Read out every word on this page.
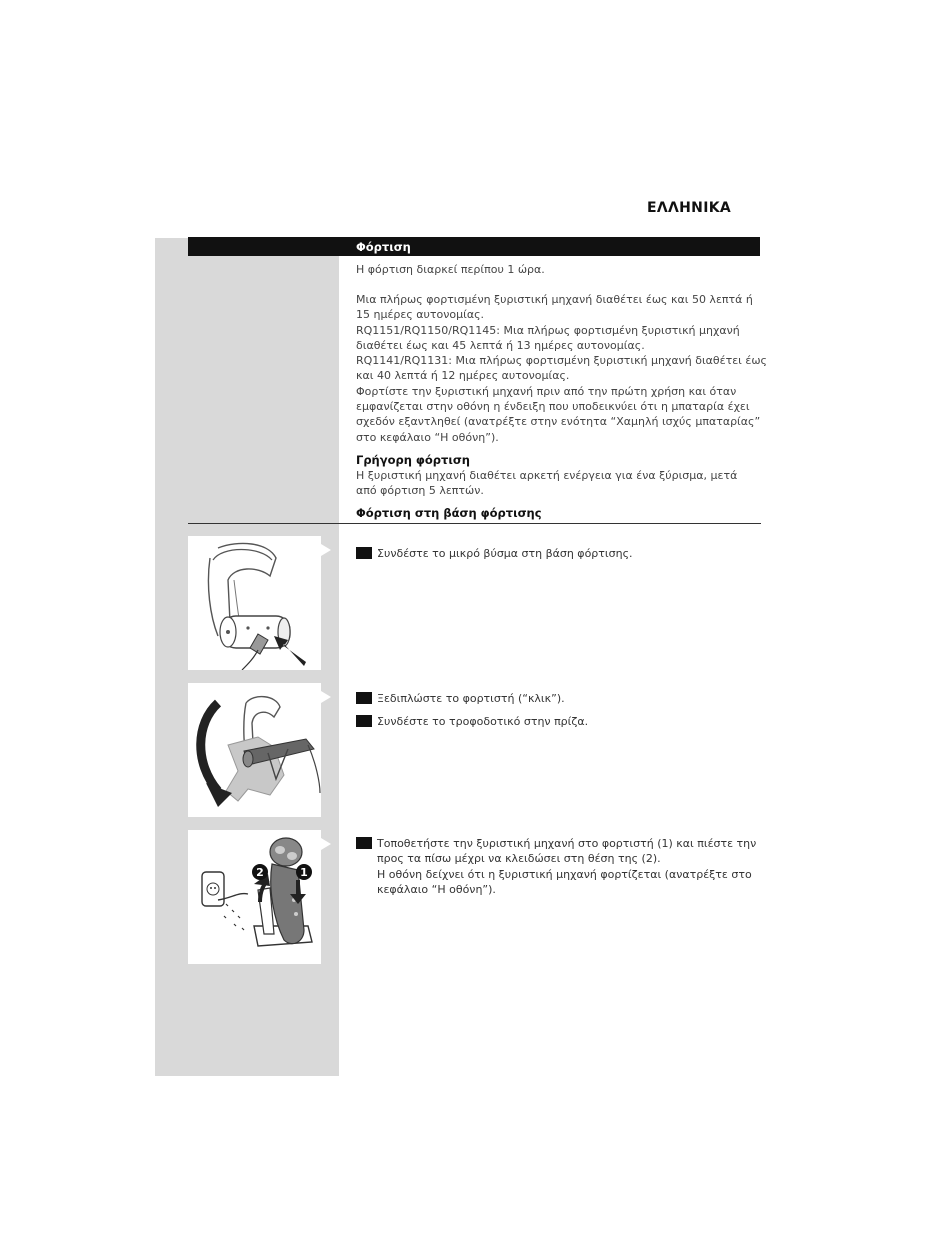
ΕΛΛΗΝΙΚΑ
Φόρτιση
Η φόρτιση διαρκεί περίπου 1 ώρα.
Μια πλήρως φορτισμένη ξυριστική μηχανή διαθέτει έως και 50 λεπτά ή 15 ημέρες αυτονομίας.
RQ1151/RQ1150/RQ1145: Μια πλήρως φορτισμένη ξυριστική μηχανή διαθέτει έως και 45 λεπτά ή 13 ημέρες αυτονομίας.
RQ1141/RQ1131: Μια πλήρως φορτισμένη ξυριστική μηχανή διαθέτει έως και 40 λεπτά ή 12 ημέρες αυτονομίας.
Φορτίστε την ξυριστική μηχανή πριν από την πρώτη χρήση και όταν εμφανίζεται στην οθόνη η ένδειξη που υποδεικνύει ότι η μπαταρία έχει σχεδόν εξαντληθεί (ανατρέξτε στην ενότητα “Χαμηλή ισχύς μπαταρίας” στο κεφάλαιο “Η οθόνη”).
Γρήγορη φόρτιση
Η ξυριστική μηχανή διαθέτει αρκετή ενέργεια για ένα ξύρισμα, μετά από φόρτιση 5 λεπτών.
Φόρτιση στη βάση φόρτισης
Συνδέστε το μικρό βύσμα στη βάση φόρτισης.
Ξεδιπλώστε το φορτιστή (“κλικ”).
Συνδέστε το τροφοδοτικό στην πρίζα.
2	1
Τοποθετήστε την ξυριστική μηχανή στο φορτιστή (1) και πιέστε την προς τα πίσω μέχρι να κλειδώσει στη θέση της (2).
Η οθόνη δείχνει ότι η ξυριστική μηχανή φορτίζεται (ανατρέξτε στο κεφάλαιο “Η οθόνη”).
